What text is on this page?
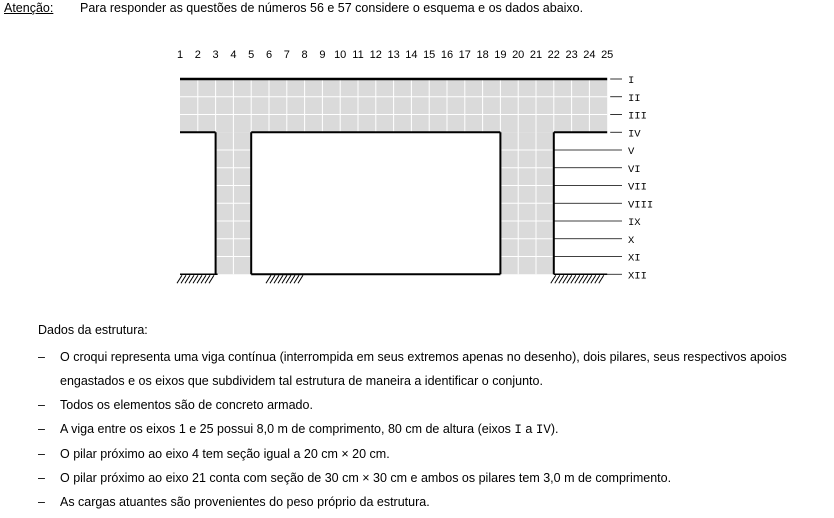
Atenção: Para responder as questões de números 56 e 57 considere o esquema e os dados abaixo.
1 2 3 4 5 6 7 8 9 10 11 12 13 14 15 16 17 18 19 20 21 22 23 24 25
I
II
III
IV
V
VI
VII
VIII
IX
X
XI
XII
Dados da estrutura:
– O croqui representa uma viga contínua (interrompida em seus extremos apenas no desenho), dois pilares, seus respectivos apoios engastados e os eixos que subdividem tal estrutura de maneira a identificar o conjunto.
– Todos os elementos são de concreto armado.
– A viga entre os eixos 1 e 25 possui 8,0 m de comprimento, 80 cm de altura (eixos I a IV).
– O pilar próximo ao eixo 4 tem seção igual a 20 cm × 20 cm.
– O pilar próximo ao eixo 21 conta com seção de 30 cm × 30 cm e ambos os pilares tem 3,0 m de comprimento.
– As cargas atuantes são provenientes do peso próprio da estrutura.
